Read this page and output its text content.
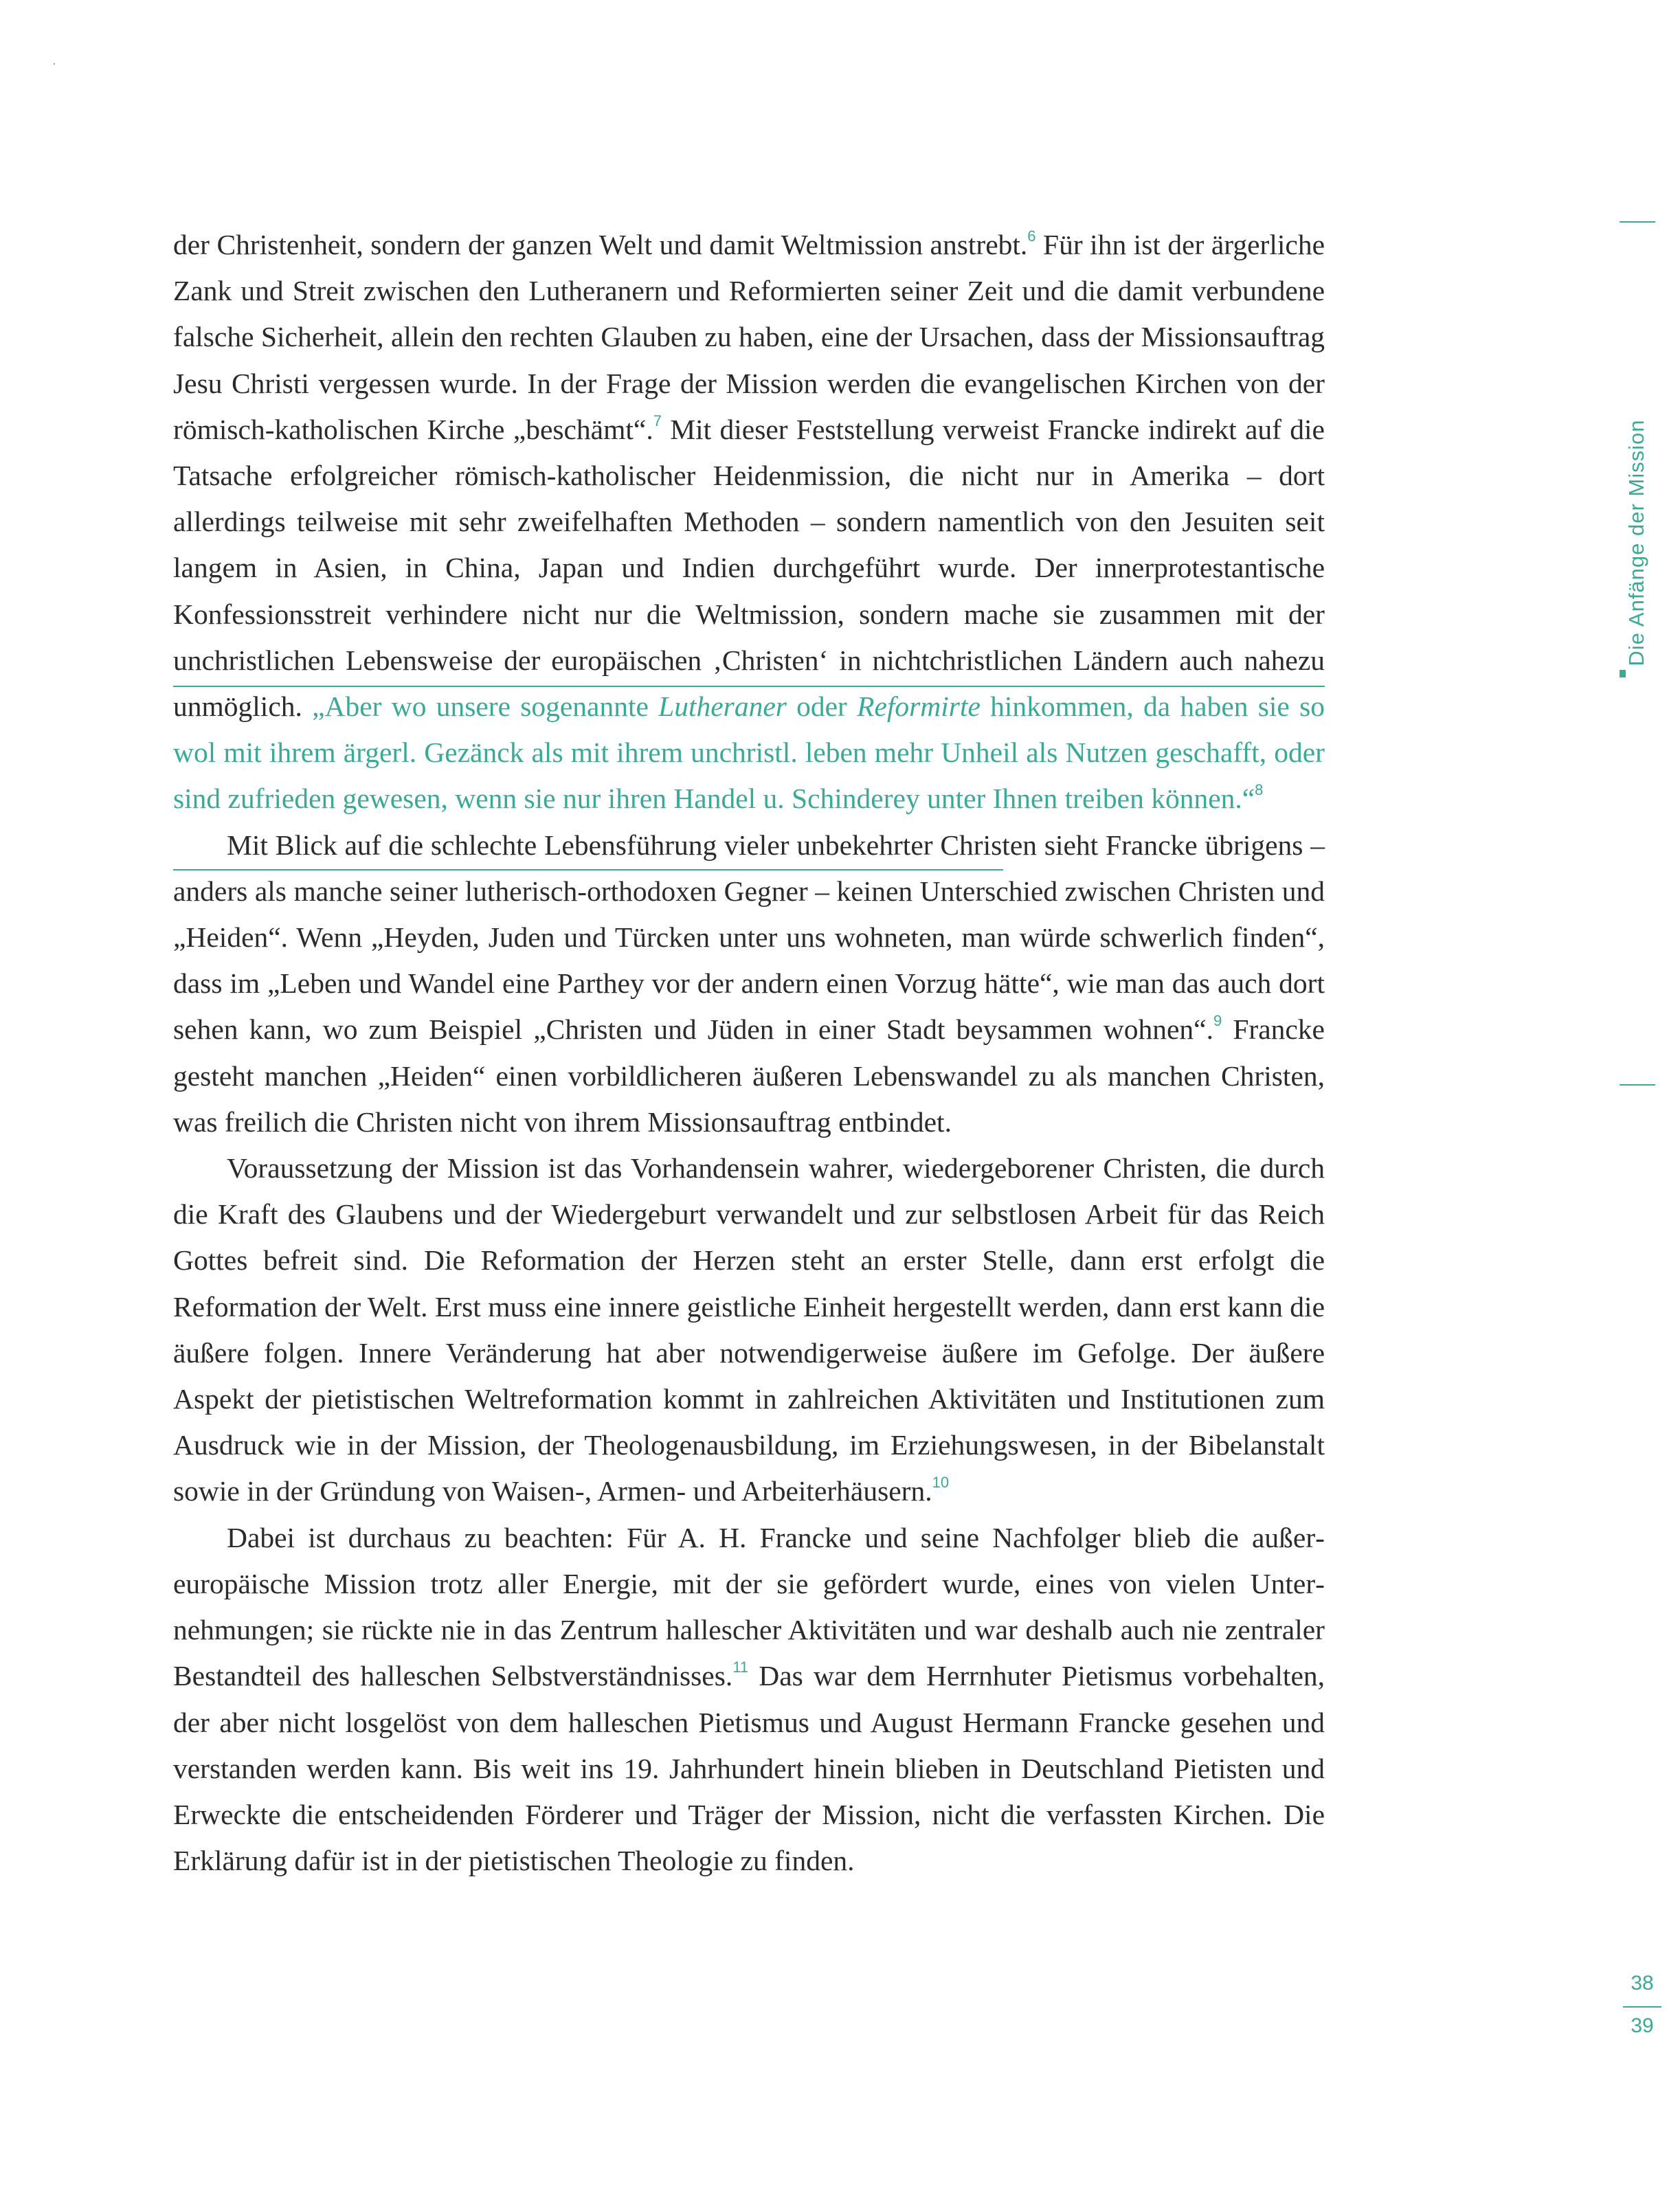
Die Anfänge der Mission
38
39

der Christenheit, sondern der ganzen Welt und damit Weltmission anstrebt.$^6$ Für ihn ist der ärgerliche Zank und Streit zwischen den Lutheranern und Reformierten seiner Zeit und die damit verbundene falsche Sicherheit, allein den rechten Glauben zu haben, eine der Ursachen, dass der Missionsauftrag Jesu Christi vergessen wurde. In der Frage der Mission werden die evangelischen Kirchen von der römisch-katholischen Kirche „beschämt“.$^7$ Mit dieser Feststellung verweist Francke indirekt auf die Tatsache erfolgreicher römisch-katholischer Heidenmission, die nicht nur in Amerika – dort allerdings teilweise mit sehr zweifelhaften Methoden – sondern namentlich von den Jesuiten seit langem in Asien, in China, Japan und Indien durchgeführt wurde. Der innerprotestantische Konfessionsstreit verhindere nicht nur die Weltmission, sondern mache sie zusammen mit der unchristlichen Lebensweise der europäischen ‚Christen‘ in nichtchristlichen Ländern auch nahezu unmöglich. „Aber wo unsere sogenannte Lutheraner oder Reformirte hinkommen, da haben sie so wol mit ihrem ärgerl. Gezänck als mit ihrem unchristl. leben mehr Unheil als Nutzen geschafft, oder sind zufrieden gewesen, wenn sie nur ihren Handel u. Schinderey unter Ihnen treiben können.“$^8$

Mit Blick auf die schlechte Lebensführung vieler unbekehrter Christen sieht Francke übrigens – anders als manche seiner lutherisch-orthodoxen Gegner – keinen Unterschied zwischen Christen und „Heiden“. Wenn „Heyden, Juden und Türcken unter uns wohneten, man würde schwerlich finden“, dass im „Leben und Wandel eine Parthey vor der andern einen Vorzug hätte“, wie man das auch dort sehen kann, wo zum Beispiel „Christen und Jüden in einer Stadt beysammen wohnen“.$^9$ Francke gesteht manchen „Heiden“ einen vorbildlicheren äußeren Lebenswandel zu als manchen Christen, was freilich die Christen nicht von ihrem Missionsauftrag entbindet.

Voraussetzung der Mission ist das Vorhandensein wahrer, wiedergeborener Christen, die durch die Kraft des Glaubens und der Wiedergeburt verwandelt und zur selbstlosen Arbeit für das Reich Gottes befreit sind. Die Reformation der Herzen steht an erster Stelle, dann erst erfolgt die Reformation der Welt. Erst muss eine innere geistliche Einheit hergestellt werden, dann erst kann die äußere folgen. Innere Veränderung hat aber notwendigerweise äußere im Gefolge. Der äußere Aspekt der pietistischen Weltreformation kommt in zahlreichen Aktivitäten und Institutionen zum Ausdruck wie in der Mission, der Theologenausbildung, im Erziehungswesen, in der Bibelanstalt sowie in der Gründung von Waisen-, Armen- und Arbeiterhäusern.$^{10}$

Dabei ist durchaus zu beachten: Für A. H. Francke und seine Nachfolger blieb die außereuropäische Mission trotz aller Energie, mit der sie gefördert wurde, eines von vielen Unternehmungen; sie rückte nie in das Zentrum hallescher Aktivitäten und war deshalb auch nie zentraler Bestandteil des halleschen Selbstverständnisses.$^{11}$ Das war dem Herrnhuter Pietismus vorbehalten, der aber nicht losgelöst von dem halleschen Pietismus und August Hermann Francke gesehen und verstanden werden kann. Bis weit ins 19. Jahrhundert hinein blieben in Deutschland Pietisten und Erweckte die entscheidenden Förderer und Träger der Mission, nicht die verfassten Kirchen. Die Erklärung dafür ist in der pietistischen Theologie zu finden.
